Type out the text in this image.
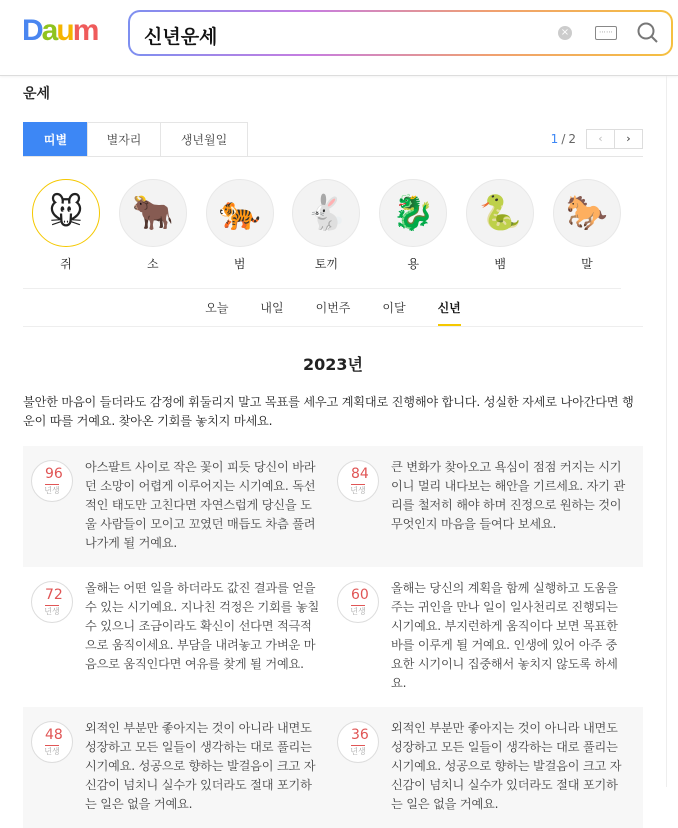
Daum 신년운세	×	⋯⋯
운세
띠별	별자리	생년월일	1 / 2	‹	›
🐭
쥐
🐂
소
🐅
범
🐇
토끼
🐉
용
🐍
뱀
🐎
말
오늘	내일	이번주	이달	신년
2023년
불안한 마음이 들더라도 감정에 휘둘리지 말고 목표를 세우고 계획대로 진행해야 합니다. 성실한 자세로 나아간다면 행운이 따를 거예요. 찾아온 기회를 놓치지 마세요.
96
년생
아스팔트 사이로 작은 꽃이 피듯 당신이 바라던 소망이 어렵게 이루어지는 시기예요. 독선적인 태도만 고친다면 자연스럽게 당신을 도울 사람들이 모이고 꼬였던 매듭도 차츰 풀려나가게 될 거예요.
84
년생
큰 변화가 찾아오고 욕심이 점점 커지는 시기이니 멀리 내다보는 해안을 기르세요. 자기 관리를 철저히 해야 하며 진정으로 원하는 것이 무엇인지 마음을 들여다 보세요.
72
년생
올해는 어떤 일을 하더라도 값진 결과를 얻을 수 있는 시기예요. 지나친 걱정은 기회를 놓칠 수 있으니 조금이라도 확신이 선다면 적극적으로 움직이세요. 부담을 내려놓고 가벼운 마음으로 움직인다면 여유를 찾게 될 거예요.
60
년생
올해는 당신의 계획을 함께 실행하고 도움을 주는 귀인을 만나 일이 일사천리로 진행되는 시기예요. 부지런하게 움직이다 보면 목표한 바를 이루게 될 거예요. 인생에 있어 아주 중요한 시기이니 집중해서 놓치지 않도록 하세요.
48
년생
외적인 부분만 좋아지는 것이 아니라 내면도 성장하고 모든 일들이 생각하는 대로 풀리는 시기예요. 성공으로 향하는 발걸음이 크고 자신감이 넘치니 실수가 있더라도 절대 포기하는 일은 없을 거예요.
36
년생
외적인 부분만 좋아지는 것이 아니라 내면도 성장하고 모든 일들이 생각하는 대로 풀리는 시기예요. 성공으로 향하는 발걸음이 크고 자신감이 넘치니 실수가 있더라도 절대 포기하는 일은 없을 거예요.
